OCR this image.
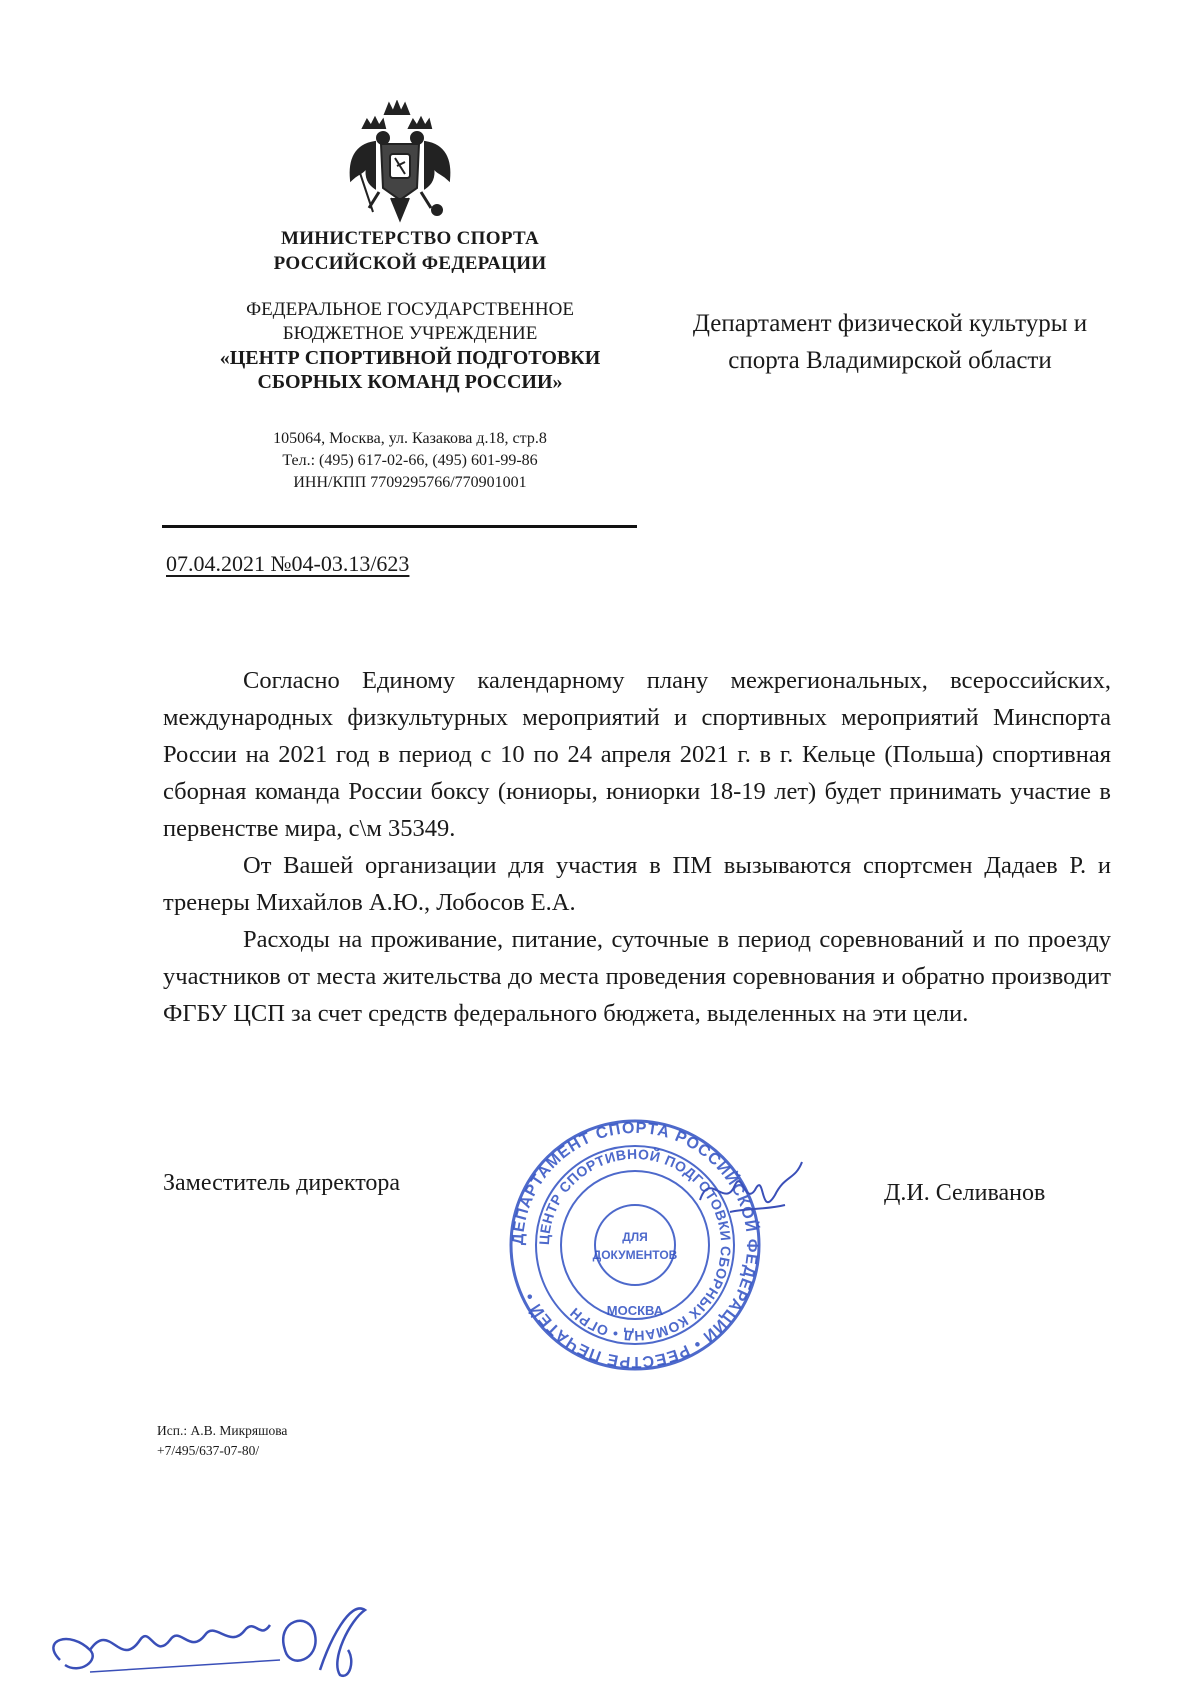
МИНИСТЕРСТВО СПОРТА
РОССИЙСКОЙ ФЕДЕРАЦИИ
ФЕДЕРАЛЬНОЕ ГОСУДАРСТВЕННОЕ
БЮДЖЕТНОЕ УЧРЕЖДЕНИЕ
«ЦЕНТР СПОРТИВНОЙ ПОДГОТОВКИ
СБОРНЫХ КОМАНД РОССИИ»
105064, Москва, ул. Казакова д.18, стр.8
Тел.: (495) 617-02-66, (495) 601-99-86
ИНН/КПП 7709295766/770901001
Департамент физической культуры и
спорта Владимирской области
07.04.2021 №04-03.13/623

Согласно Единому календарному плану межрегиональных, всероссийских, международных физкультурных мероприятий и спортивных мероприятий Минспорта России на 2021 год в период с 10 по 24 апреля 2021 г. в г. Кельце (Польша) спортивная сборная команда России боксу (юниоры, юниорки 18-19 лет) будет принимать участие в первенстве мира, с\м 35349.

От Вашей организации для участия в ПМ вызываются спортсмен Дадаев Р. и тренеры Михайлов А.Ю., Лобосов Е.А.

Расходы на проживание, питание, суточные в период соревнований и по проезду участников от места жительства до места проведения соревнования и обратно производит ФГБУ ЦСП за счет средств федерального бюджета, выделенных на эти цели.

Заместитель директора
ДЕПАРТАМЕНТ СПОРТА РОССИЙСКОЙ ФЕДЕРАЦИИ • РЕЕСТРЕ ПЕЧАТЕЙ •
ЦЕНТР СПОРТИВНОЙ ПОДГОТОВКИ СБОРНЫХ КОМАНД • ОГРН
ДЛЯ
ДОКУМЕНТОВ
МОСКВА
Д.И. Селиванов
Исп.: А.В. Микряшова
+7/495/637-07-80/
